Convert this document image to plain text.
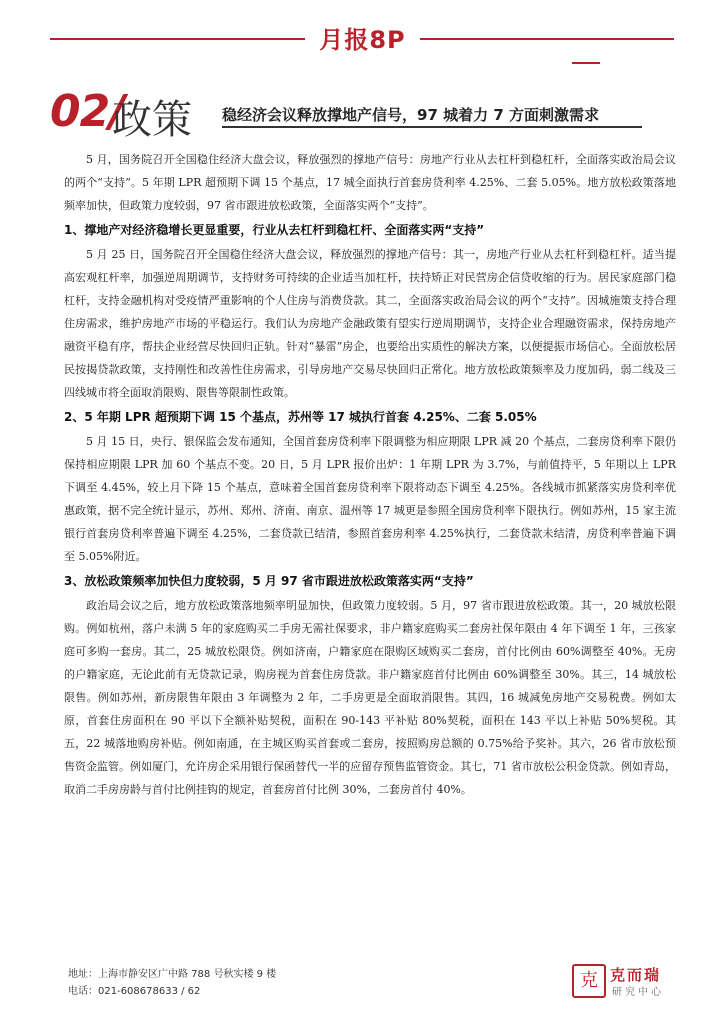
月报8P
02/
政策 稳经济会议释放撑地产信号，97 城着力 7 方面刺激需求

5 月，国务院召开全国稳住经济大盘会议，释放强烈的撑地产信号：房地产行业从去杠杆到稳杠杆，全面落实政治局会议的两个“支持”。5 年期 LPR 超预期下调 15 个基点，17 城全面执行首套房贷利率 4.25%、二套 5.05%。地方放松政策落地频率加快，但政策力度较弱，97 省市跟进放松政策，全面落实两个“支持”。

1、撑地产对经济稳增长更显重要，行业从去杠杆到稳杠杆、全面落实两“支持”

5 月 25 日，国务院召开全国稳住经济大盘会议，释放强烈的撑地产信号：其一，房地产行业从去杠杆到稳杠杆。适当提高宏观杠杆率，加强逆周期调节，支持财务可持续的企业适当加杠杆，扶持矫正对民营房企信贷收缩的行为。居民家庭部门稳杠杆，支持金融机构对受疫情严重影响的个人住房与消费贷款。其二，全面落实政治局会议的两个“支持”。因城施策支持合理住房需求，维护房地产市场的平稳运行。我们认为房地产金融政策有望实行逆周期调节，支持企业合理融资需求，保持房地产融资平稳有序，帮扶企业经营尽快回归正轨。针对“暴雷”房企，也要给出实质性的解决方案，以便提振市场信心。全面放松居民按揭贷款政策，支持刚性和改善性住房需求，引导房地产交易尽快回归正常化。地方放松政策频率及力度加码，弱二线及三四线城市将全面取消限购、限售等限制性政策。

2、5 年期 LPR 超预期下调 15 个基点，苏州等 17 城执行首套 4.25%、二套 5.05%

5 月 15 日，央行、银保监会发布通知，全国首套房贷利率下限调整为相应期限 LPR 减 20 个基点，二套房贷利率下限仍保持相应期限 LPR 加 60 个基点不变。20 日，5 月 LPR 报价出炉：1 年期 LPR 为 3.7%，与前值持平，5 年期以上 LPR 下调至 4.45%，较上月下降 15 个基点，意味着全国首套房贷利率下限将动态下调至 4.25%。各线城市抓紧落实房贷利率优惠政策，据不完全统计显示，苏州、郑州、济南、南京、温州等 17 城更是参照全国房贷利率下限执行。例如苏州，15 家主流银行首套房贷利率普遍下调至 4.25%，二套贷款已结清，参照首套房利率 4.25%执行，二套贷款未结清，房贷利率普遍下调至 5.05%附近。

3、放松政策频率加快但力度较弱，5 月 97 省市跟进放松政策落实两“支持”

政治局会议之后，地方放松政策落地频率明显加快，但政策力度较弱。5 月，97 省市跟进放松政策。其一，20 城放松限购。例如杭州，落户未满 5 年的家庭购买二手房无需社保要求，非户籍家庭购买二套房社保年限由 4 年下调至 1 年，三孩家庭可多购一套房。其二，25 城放松限贷。例如济南，户籍家庭在限购区域购买二套房，首付比例由 60%调整至 40%。无房的户籍家庭，无论此前有无贷款记录，购房视为首套住房贷款。非户籍家庭首付比例由 60%调整至 30%。其三，14 城放松限售。例如苏州，新房限售年限由 3 年调整为 2 年，二手房更是全面取消限售。其四，16 城减免房地产交易税费。例如太原，首套住房面积在 90 平以下全额补贴契税，面积在 90-143 平补贴 80%契税，面积在 143 平以上补贴 50%契税。其五，22 城落地购房补贴。例如南通，在主城区购买首套或二套房，按照购房总额的 0.75%给予奖补。其六，26 省市放松预售资金监管。例如厦门，允许房企采用银行保函替代一半的应留存预售监管资金。其七，71 省市放松公积金贷款。例如青岛，取消二手房房龄与首付比例挂钩的规定，首套房首付比例 30%，二套房首付 40%。

地址：上海市静安区广中路 788 号秋实楼 9 楼
电话：021-608678633 / 62
克 克而瑞
研究中心
